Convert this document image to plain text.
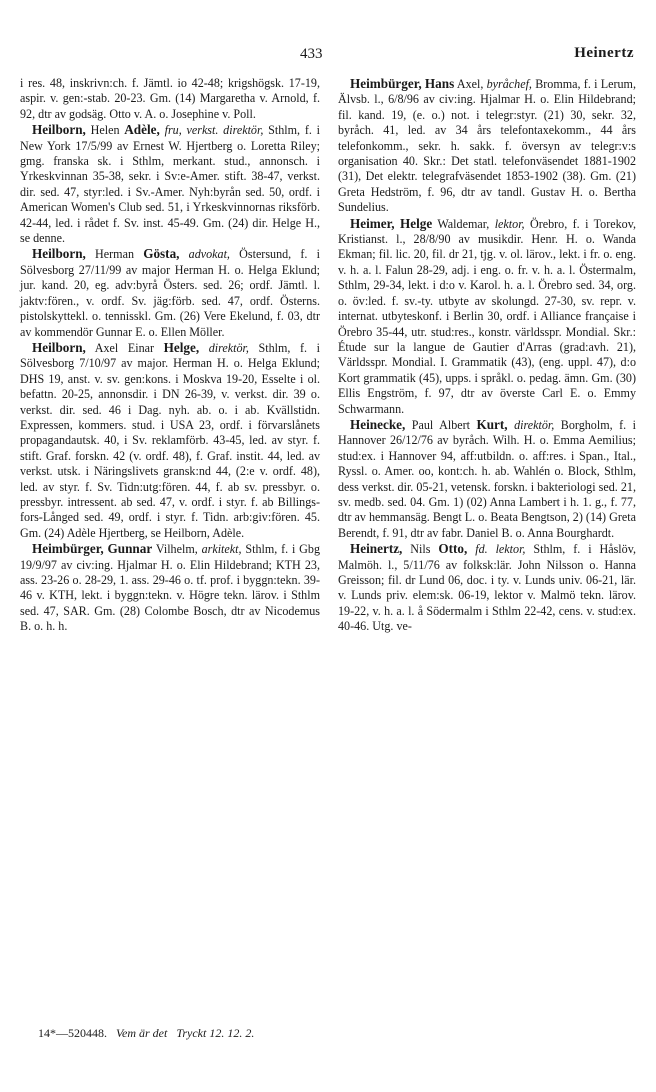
433	Heinertz

i res. 48, inskrivn:ch. f. Jämtl. io 42-48; krigshögsk. 17-19, aspir. v. gen:-stab. 20-23. Gm. (14) Margaretha v. Arnold, f. 92, dtr av godsäg. Otto v. A. o. Josephine v. Poll.

Heilborn, Helen Adèle, fru, verkst. direktör, Sthlm, f. i New York 17/5/99 av Ernest W. Hjertberg o. Loretta Riley; gmg. franska sk. i Sthlm, merkant. stud., annonsch. i Yrkeskvinnan 35-38, sekr. i Sv:e-Amer. stift. 38-47, verkst. dir. sed. 47, styr:led. i Sv.-Amer. Nyh:byrån sed. 50, ordf. i American Women's Club sed. 51, i Yrkeskvinnornas riksförb. 42-44, led. i rådet f. Sv. inst. 45-49. Gm. (24) dir. Helge H., se denne.

Heilborn, Herman Gösta, advokat, Östersund, f. i Sölvesborg 27/11/99 av major Herman H. o. Helga Eklund; jur. kand. 20, eg. adv:byrå Östers. sed. 26; ordf. Jämtl. l. jaktv:fören., v. ordf. Sv. jäg:förb. sed. 47, ordf. Österns. pistolskyttekl. o. tennisskl. Gm. (26) Vere Ekelund, f. 03, dtr av kommendör Gunnar E. o. Ellen Möller.

Heilborn, Axel Einar Helge, direktör, Sthlm, f. i Sölvesborg 7/10/97 av major. Herman H. o. Helga Eklund; DHS 19, anst. v. sv. gen:kons. i Moskva 19-20, Esselte i ol. befattn. 20-25, annonsdir. i DN 26-39, v. verkst. dir. 39 o. verkst. dir. sed. 46 i Dag. nyh. ab. o. i ab. Kvällstidn. Expressen, kommers. stud. i USA 23, ordf. i förvarslånets propagandautsk. 40, i Sv. reklamförb. 43-45, led. av styr. f. stift. Graf. forskn. 42 (v. ordf. 48), f. Graf. instit. 44, led. av verkst. utsk. i Näringslivets gransk:nd 44, (2:e v. ordf. 48), led. av styr. f. Sv. Tidn:utg:fören. 44, f. ab sv. pressbyr. o. pressbyr. intressent. ab sed. 47, v. ordf. i styr. f. ab Billings-fors-Långed sed. 49, ordf. i styr. f. Tidn. arb:giv:fören. 45. Gm. (24) Adèle Hjertberg, se Heilborn, Adèle.

Heimbürger, Gunnar Vilhelm, arkitekt, Sthlm, f. i Gbg 19/9/97 av civ:ing. Hjalmar H. o. Elin Hildebrand; KTH 23, ass. 23-26 o. 28-29, 1. ass. 29-46 o. tf. prof. i byggn:tekn. 39-46 v. KTH, lekt. i byggn:tekn. v. Högre tekn. lärov. i Sthlm sed. 47, SAR. Gm. (28) Colombe Bosch, dtr av Nicodemus B. o. h. h.

Heimbürger, Hans Axel, byråchef, Bromma, f. i Lerum, Älvsb. l., 6/8/96 av civ:ing. Hjalmar H. o. Elin Hildebrand; fil. kand. 19, (e. o.) not. i telegr:styr. (21) 30, sekr. 32, byråch. 41, led. av 34 års telefontaxekomm., 44 års telefonkomm., sekr. h. sakk. f. översyn av telegr:v:s organisation 40. Skr.: Det statl. telefonväsendet 1881-1902 (31), Det elektr. telegrafväsendet 1853-1902 (38). Gm. (21) Greta Hedström, f. 96, dtr av tandl. Gustav H. o. Bertha Sundelius.

Heimer, Helge Waldemar, lektor, Örebro, f. i Torekov, Kristianst. l., 28/8/90 av musikdir. Henr. H. o. Wanda Ekman; fil. lic. 20, fil. dr 21, tjg. v. ol. lärov., lekt. i fr. o. eng. v. h. a. l. Falun 28-29, adj. i eng. o. fr. v. h. a. l. Östermalm, Sthlm, 29-34, lekt. i d:o v. Karol. h. a. l. Örebro sed. 34, org. o. öv:led. f. sv.-ty. utbyte av skolungd. 27-30, sv. repr. v. internat. utbyteskonf. i Berlin 30, ordf. i Alliance française i Örebro 35-44, utr. stud:res., konstr. världsspr. Mondial. Skr.: Étude sur la langue de Gautier d'Arras (grad:avh. 21), Världsspr. Mondial. I. Grammatik (43), (eng. uppl. 47), d:o Kort grammatik (45), upps. i språkl. o. pedag. ämn. Gm. (30) Ellis Engström, f. 97, dtr av överste Carl E. o. Emmy Schwarmann.

Heinecke, Paul Albert Kurt, direktör, Borgholm, f. i Hannover 26/12/76 av byråch. Wilh. H. o. Emma Aemilius; stud:ex. i Hannover 94, aff:utbildn. o. aff:res. i Span., Ital., Ryssl. o. Amer. oo, kont:ch. h. ab. Wahlén o. Block, Sthlm, dess verkst. dir. 05-21, vetensk. forskn. i bakteriologi sed. 21, sv. medb. sed. 04. Gm. 1) (02) Anna Lambert i h. 1. g., f. 77, dtr av hemmansäg. Bengt L. o. Beata Bengtson, 2) (14) Greta Berendt, f. 91, dtr av fabr. Daniel B. o. Anna Bourghardt.

Heinertz, Nils Otto, fd. lektor, Sthlm, f. i Håslöv, Malmöh. l., 5/11/76 av folksk:lär. John Nilsson o. Hanna Greisson; fil. dr Lund 06, doc. i ty. v. Lunds univ. 06-21, lär. v. Lunds priv. elem:sk. 06-19, lektor v. Malmö tekn. lärov. 19-22, v. h. a. l. å Södermalm i Sthlm 22-42, cens. v. stud:ex. 40-46. Utg. ve-

14*—520448. Vem är det Tryckt 12. 12. 2.
